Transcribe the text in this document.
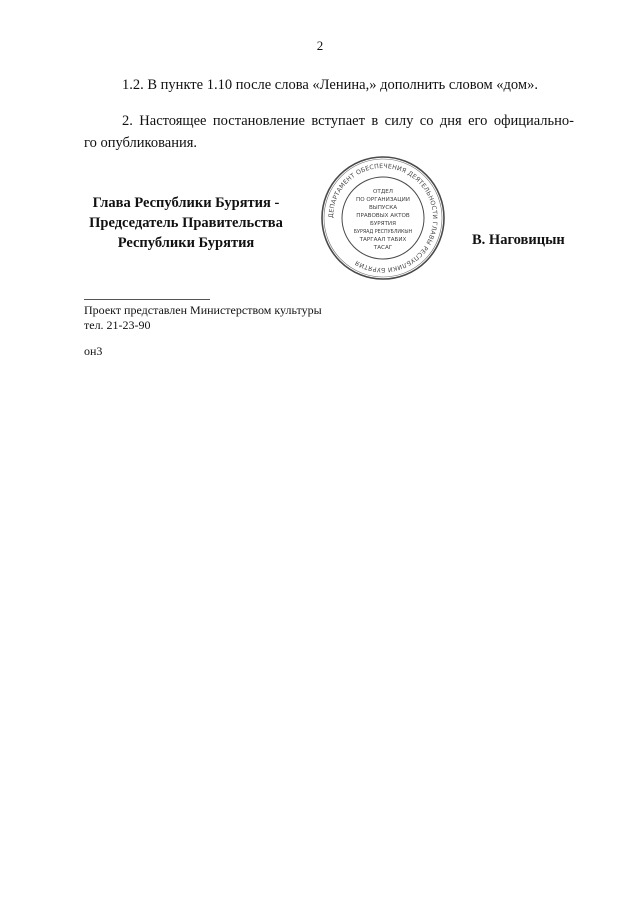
2
1.2. В пункте 1.10 после слова «Ленина,» дополнить словом «дом».
2. Настоящее постановление вступает в силу со дня его официально-
го опубликования.
Глава Республики Бурятия -
Председатель Правительства
Республики Бурятия
ДЕПАРТАМЕНТ ОБЕСПЕЧЕНИЯ ДЕЯТЕЛЬНОСТИ ГЛАВЫ РЕСПУБЛИКИ БУРЯТИЯ
ОТДЕЛ
ПО ОРГАНИЗАЦИИ
ВЫПУСКА
ПРАВОВЫХ АКТОВ
БУРЯТИЯ
БУРЯАД РЕСПУБЛИКЫН
ТАРГААЛ ТАБИХ
ТАСАГ	В. Наговицын
Проект представлен Министерством культуры
тел. 21-23-90
он3
